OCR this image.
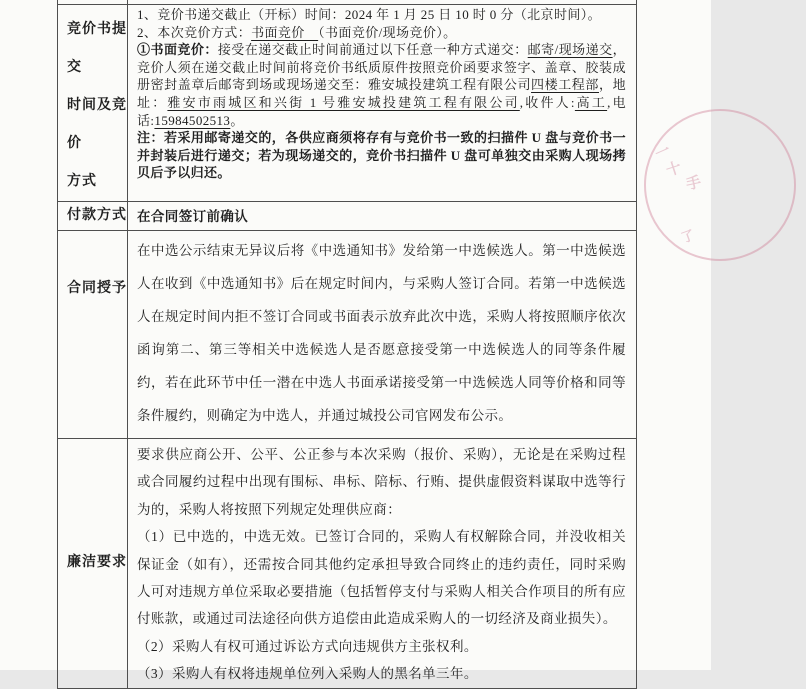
竞价书提交
时间及竞价
方式

1、竞价书递交截止（开标）时间：2024 年 1 月 25 日 10 时 0 分（北京时间）。

2、本次竞价方式：书面竞价　（书面竞价/现场竞价）。

①书面竞价：接受在递交截止时间前通过以下任意一种方式递交：邮寄/现场递交，竞价人须在递交截止时间前将竞价书纸质原件按照竞价函要求签字、盖章、胶装成册密封盖章后邮寄到场或现场递交至：雅安城投建筑工程有限公司四楼工程部，地址：雅安市雨城区和兴街 1 号雅安城投建筑工程有限公司,收件人:高工,电话:15984502513。

注：若采用邮寄递交的，各供应商须将存有与竞价书一致的扫描件 U 盘与竞价书一并封装后进行递交；若为现场递交的，竞价书扫描件 U 盘可单独交由采购人现场拷贝后予以归还。

付款方式 在合同签订前确认

合同授予

在中选公示结束无异议后将《中选通知书》发给第一中选候选人。第一中选候选人在收到《中选通知书》后在规定时间内，与采购人签订合同。若第一中选候选人在规定时间内拒不签订合同或书面表示放弃此次中选，采购人将按照顺序依次函询第二、第三等相关中选候选人是否愿意接受第一中选候选人的同等条件履约，若在此环节中任一潜在中选人书面承诺接受第一中选候选人同等价格和同等条件履约，则确定为中选人，并通过城投公司官网发布公示。

廉洁要求

要求供应商公开、公平、公正参与本次采购（报价、采购），无论是在采购过程或合同履约过程中出现有围标、串标、陪标、行贿、提供虚假资料谋取中选等行为的，采购人将按照下列规定处理供应商：

（1）已中选的，中选无效。已签订合同的，采购人有权解除合同，并没收相关保证金（如有），还需按合同其他约定承担导致合同终止的违约责任，同时采购人可对违规方单位采取必要措施（包括暂停支付与采购人相关合作项目的所有应付账款，或通过司法途径向供方追偿由此造成采购人的一切经济及商业损失）。

（2）采购人有权可通过诉讼方式向违规供方主张权利。

（3）采购人有权将违规单位列入采购人的黑名单三年。

一
十
手
了
